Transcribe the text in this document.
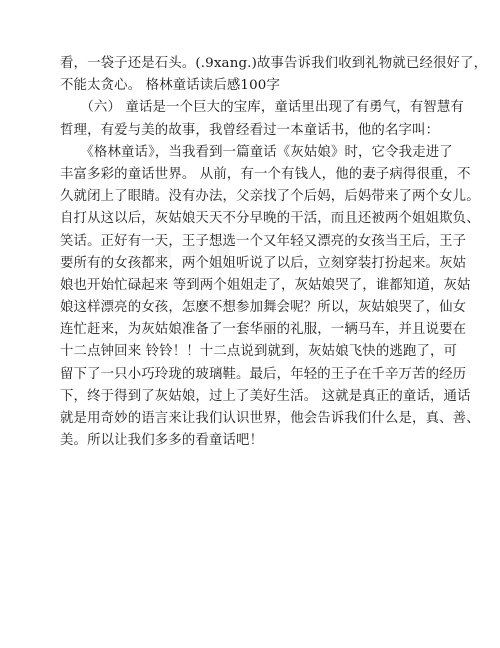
看，一袋子还是石头。(.9xang.)故事告诉我们收到礼物就已经很好了，
不能太贪心。 格林童话读后感100字
　　（六） 童话是一个巨大的宝库，童话里出现了有勇气，有智慧有
哲理，有爱与美的故事，我曾经看过一本童话书，他的名字叫：
　　《格林童话》，当我看到一篇童话《灰姑娘》时，它令我走进了
丰富多彩的童话世界。 从前，有一个有钱人，他的妻子病得很重，不
久就闭上了眼睛。没有办法，父亲找了个后妈，后妈带来了两个女儿。
自打从这以后，灰姑娘天天不分早晚的干活，而且还被两个姐姐欺负、
笑话。正好有一天，王子想选一个又年轻又漂亮的女孩当王后，王子
要所有的女孩都来，两个姐姐听说了以后，立刻穿装打扮起来。灰姑
娘也开始忙碌起来 等到两个姐姐走了，灰姑娘哭了，谁都知道，灰姑
娘这样漂亮的女孩，怎麽不想参加舞会呢？所以，灰姑娘哭了，仙女
连忙赶来，为灰姑娘准备了一套华丽的礼服，一辆马车，并且说要在
十二点钟回来 铃铃！！十二点说到就到，灰姑娘飞快的逃跑了，可
留下了一只小巧玲珑的玻璃鞋。最后，年轻的王子在千辛万苦的经历
下，终于得到了灰姑娘，过上了美好生活。 这就是真正的童话，通话
就是用奇妙的语言来让我们认识世界，他会告诉我们什么是，真、善、
美。所以让我们多多的看童话吧！
